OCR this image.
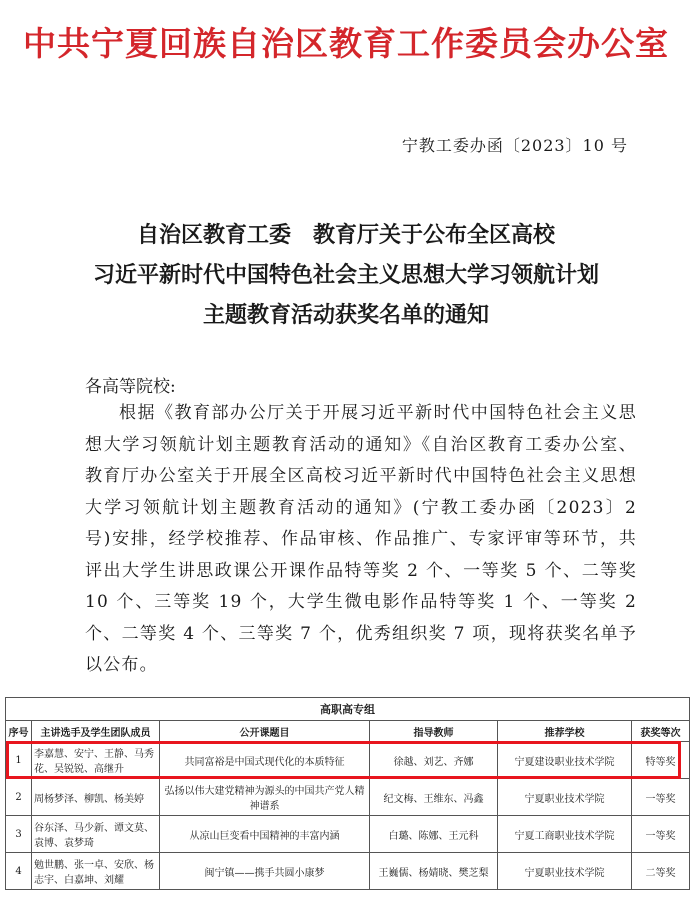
中共宁夏回族自治区教育工作委员会办公室
宁教工委办函〔2023〕10 号
自治区教育工委　教育厅关于公布全区高校
习近平新时代中国特色社会主义思想大学习领航计划
主题教育活动获奖名单的通知
各高等院校:
根据《教育部办公厅关于开展习近平新时代中国特色社会主义思想大学习领航计划主题教育活动的通知》《自治区教育工委办公室、教育厅办公室关于开展全区高校习近平新时代中国特色社会主义思想大学习领航计划主题教育活动的通知》(宁教工委办函〔2023〕2 号)安排，经学校推荐、作品审核、作品推广、专家评审等环节，共评出大学生讲思政课公开课作品特等奖 2 个、一等奖 5 个、二等奖 10 个、三等奖 19 个，大学生微电影作品特等奖 1 个、一等奖 2 个、二等奖 4 个、三等奖 7 个，优秀组织奖 7 项，现将获奖名单予以公布。
高职高专组					
序号	主讲选手及学生团队成员	公开课题目	指导教师	推荐学校	获奖等次
1	李嘉慧、安宁、王静、马秀花、吴锐锐、高继升	共同富裕是中国式现代化的本质特征	徐越、刘艺、齐娜	宁夏建设职业技术学院	特等奖
2	周杨梦泽、柳凯、杨美婷	弘扬以伟大建党精神为源头的中国共产党人精神谱系	纪文梅、王维东、冯鑫	宁夏职业技术学院	一等奖
3	谷东泽、马少新、谭文莫、袁博、袁梦琦	从凉山巨变看中国精神的丰富内涵	白璐、陈娜、王元科	宁夏工商职业技术学院	一等奖
4	勉世鹏、张一卓、安欣、杨志宇、白嘉坤、刘耀	闽宁镇——携手共圆小康梦	王巍儒、杨婧晓、樊芝梨	宁夏职业技术学院	二等奖
